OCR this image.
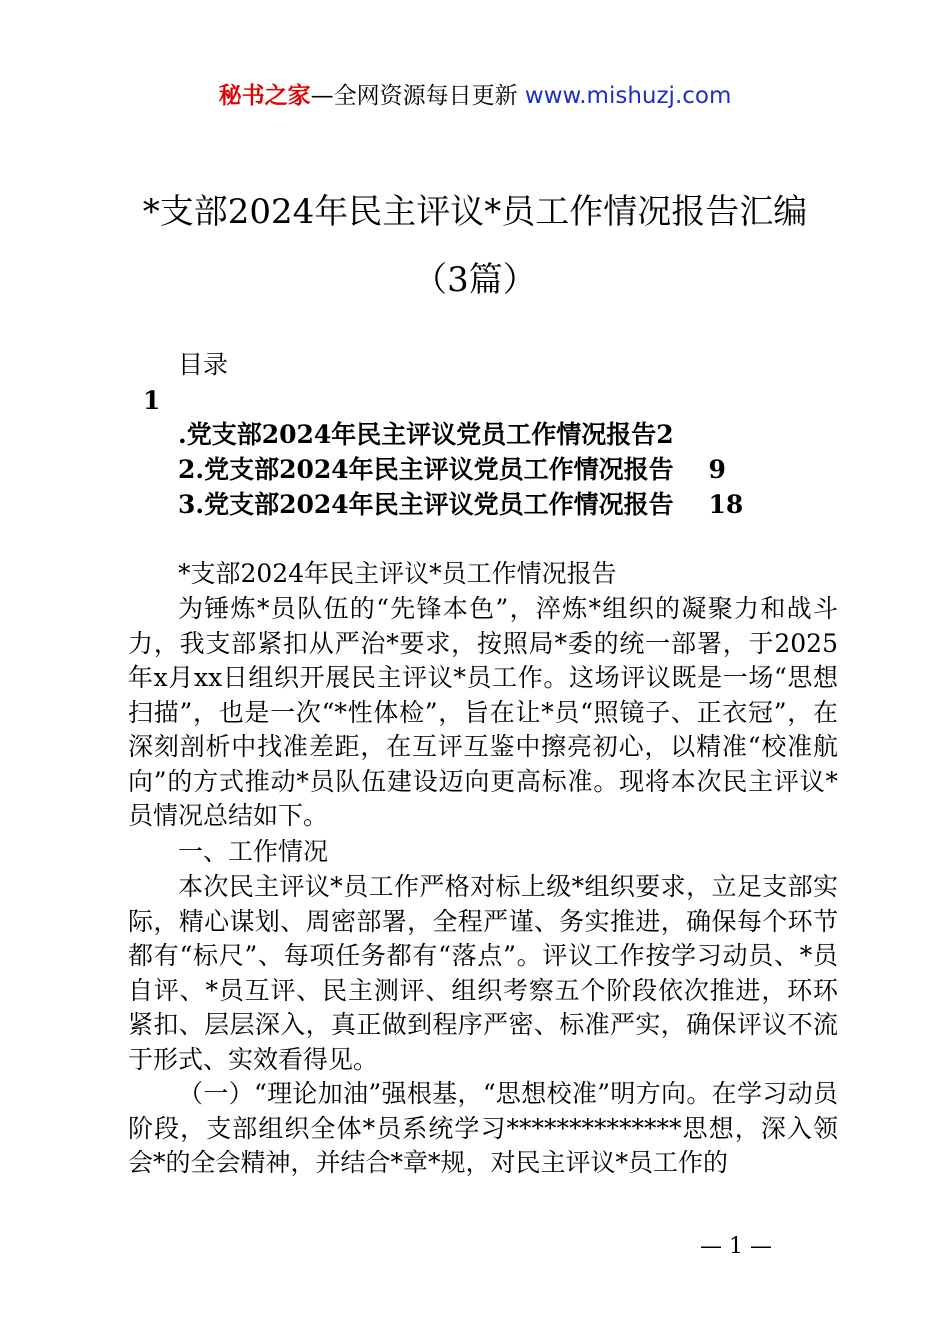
秘书之家—全网资源每日更新 www.mishuzj.com
*支部2024年民主评议*员工作情况报告汇编
（3篇）
目录
1
.党支部2024年民主评议党员工作情况报告2
2.党支部2024年民主评议党员工作情况报告    9
3.党支部2024年民主评议党员工作情况报告    18
*支部2024年民主评议*员工作情况报告

为锤炼*员队伍的“先锋本色”，淬炼*组织的凝聚力和战斗力，我支部紧扣从严治*要求，按照局*委的统一部署，于2025年x月xx日组织开展民主评议*员工作。这场评议既是一场“思想扫描”，也是一次“*性体检”，旨在让*员“照镜子、正衣冠”，在深刻剖析中找准差距，在互评互鉴中擦亮初心，以精准“校准航向”的方式推动*员队伍建设迈向更高标准。现将本次民主评议*员情况总结如下。

一、工作情况

本次民主评议*员工作严格对标上级*组织要求，立足支部实际，精心谋划、周密部署，全程严谨、务实推进，确保每个环节都有“标尺”、每项任务都有“落点”。评议工作按学习动员、*员自评、*员互评、民主测评、组织考察五个阶段依次推进，环环紧扣、层层深入，真正做到程序严密、标准严实，确保评议不流于形式、实效看得见。

（一）“理论加油”强根基，“思想校准”明方向。在学习动员阶段，支部组织全体*员系统学习**************思想，深入领会*的全会精神，并结合*章*规，对民主评议*员工作的

— 1 —
